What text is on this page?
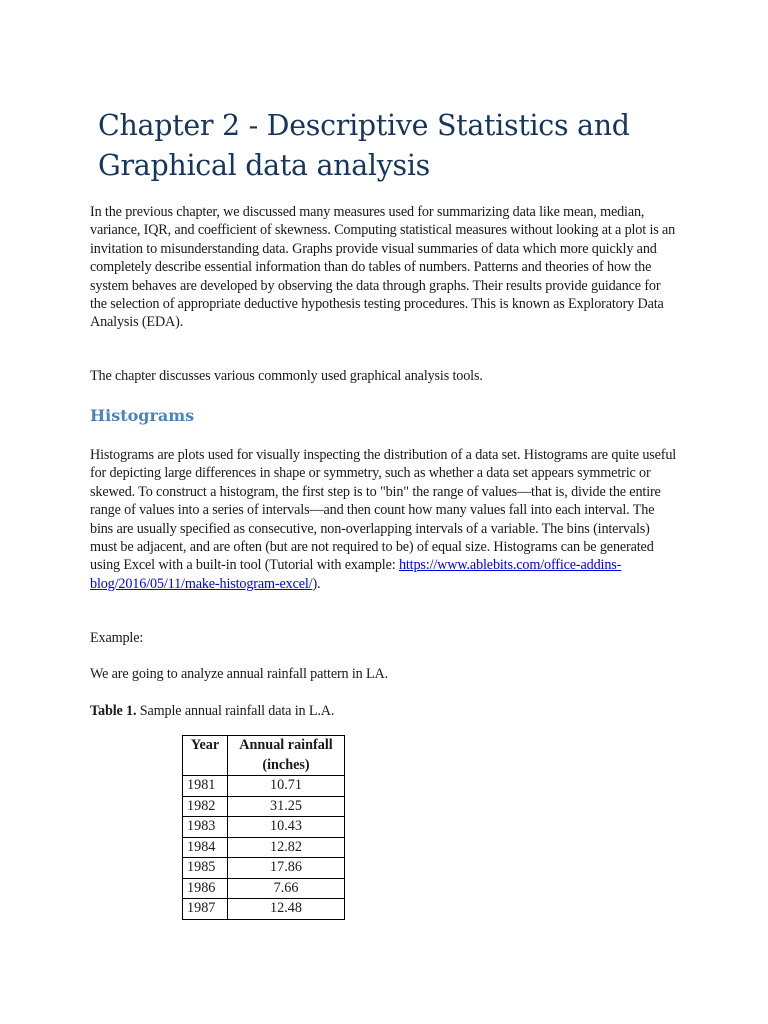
Chapter 2 - Descriptive Statistics and Graphical data analysis

In the previous chapter, we discussed many measures used for summarizing data like mean, median, variance, IQR, and coefficient of skewness. Computing statistical measures without looking at a plot is an invitation to misunderstanding data. Graphs provide visual summaries of data which more quickly and completely describe essential information than do tables of numbers. Patterns and theories of how the system behaves are developed by observing the data through graphs. Their results provide guidance for the selection of appropriate deductive hypothesis testing procedures. This is known as Exploratory Data Analysis (EDA).

The chapter discusses various commonly used graphical analysis tools.

Histograms

Histograms are plots used for visually inspecting the distribution of a data set. Histograms are quite useful for depicting large differences in shape or symmetry, such as whether a data set appears symmetric or skewed. To construct a histogram, the first step is to "bin" the range of values—that is, divide the entire range of values into a series of intervals—and then count how many values fall into each interval. The bins are usually specified as consecutive, non-overlapping intervals of a variable. The bins (intervals) must be adjacent, and are often (but are not required to be) of equal size. Histograms can be generated using Excel with a built-in tool (Tutorial with example: https://www.ablebits.com/office-addins-blog/2016/05/11/make-histogram-excel/).

Example:

We are going to analyze annual rainfall pattern in LA.

Table 1. Sample annual rainfall data in L.A.

Year	Annual rainfall (inches)
1981	10.71
1982	31.25
1983	10.43
1984	12.82
1985	17.86
1986	7.66
1987	12.48
